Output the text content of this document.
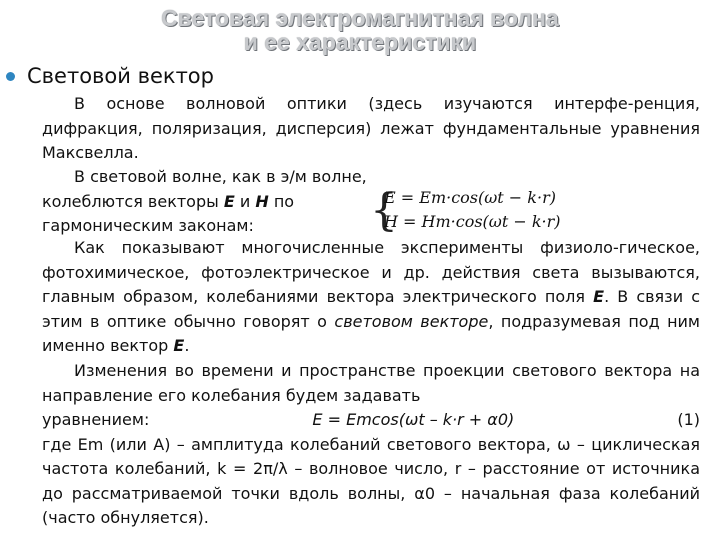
Световая электромагнитная волна
и ее характеристики
Световой вектор

В основе волновой оптики (здесь изучаются интерфе-ренция, дифракция, поляризация, дисперсия) лежат фундаментальные уравнения Максвелла.

В световой волне, как в э/м волне, колеблются векторы E и H по гармоническим законам:	{
E = Em·cos(ωt − k·r)
H = Hm·cos(ωt − k·r)

Как показывают многочисленные эксперименты физиоло-гическое, фотохимическое, фотоэлектрическое и др. действия света вызываются, главным образом, колебаниями вектора электрического поля E. В связи с этим в оптике обычно говорят о световом векторе, подразумевая под ним именно вектор E.

Изменения во времени и пространстве проекции светового вектора на направление его колебания будем задавать
уравнением:	E = Emcos(ωt – k·r + α0)	(1)
где Em (или A) – амплитуда колебаний светового вектора, ω – циклическая частота колебаний, k = 2π/λ – волновое число, r – расстояние от источника до рассматриваемой точки вдоль волны, α0 – начальная фаза колебаний (часто обнуляется).
